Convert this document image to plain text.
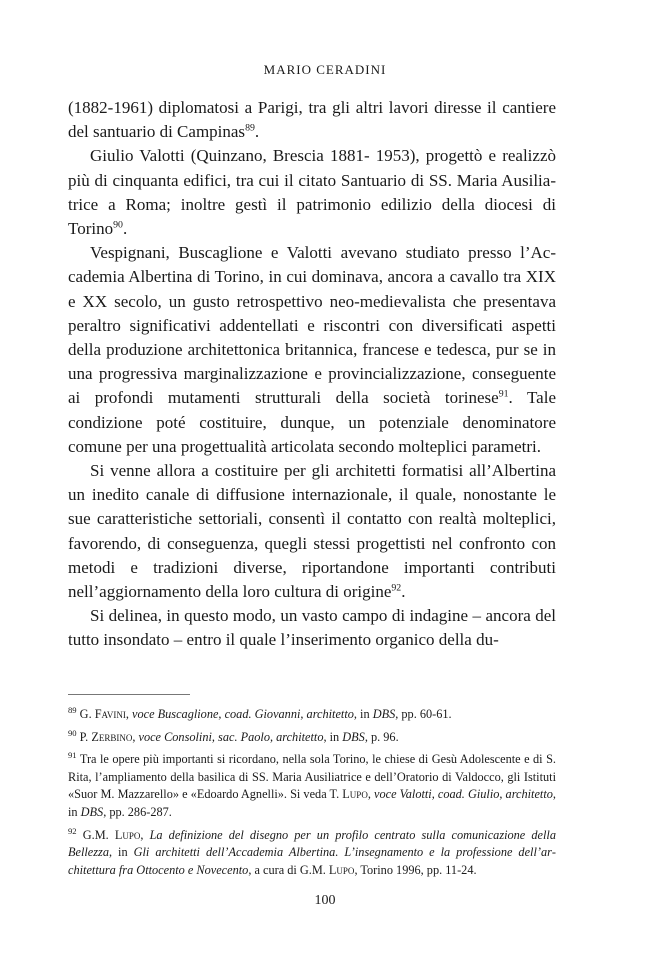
MARIO CERADINI

(1882-1961) diplomatosi a Parigi, tra gli altri lavori diresse il cantiere del santuario di Campinas$^{89}$.

Giulio Valotti (Quinzano, Brescia 1881- 1953), progettò e realizzò più di cinquanta edifici, tra cui il citato Santuario di SS. Maria Ausiliatrice a Roma; inoltre gestì il patrimonio edilizio della diocesi di Torino$^{90}$.

Vespignani, Buscaglione e Valotti avevano studiato presso l’Accademia Albertina di Torino, in cui dominava, ancora a cavallo tra XIX e XX secolo, un gusto retrospettivo neo-medievalista che presentava peraltro significativi addentellati e riscontri con diversificati aspetti della produzione architettonica britannica, francese e tedesca, pur se in una progressiva marginalizzazione e provincializzazione, conseguente ai profondi mutamenti strutturali della società torinese$^{91}$. Tale condizione poté costituire, dunque, un potenziale denominatore comune per una progettualità articolata secondo molteplici parametri.

Si venne allora a costituire per gli architetti formatisi all’Albertina un inedito canale di diffusione internazionale, il quale, nonostante le sue caratteristiche settoriali, consentì il contatto con realtà molteplici, favorendo, di conseguenza, quegli stessi progettisti nel confronto con metodi e tradizioni diverse, riportandone importanti contributi nell’aggiornamento della loro cultura di origine$^{92}$.

Si delinea, in questo modo, un vasto campo di indagine – ancora del tutto insondato – entro il quale l’inserimento organico della du-

$^{89}$ G. Favini, voce Buscaglione, coad. Giovanni, architetto, in DBS, pp. 60-61.
$^{90}$ P. Zerbino, voce Consolini, sac. Paolo, architetto, in DBS, p. 96.
$^{91}$ Tra le opere più importanti si ricordano, nella sola Torino, le chiese di Gesù Adolescente e di S. Rita, l’ampliamento della basilica di SS. Maria Ausiliatrice e dell’Oratorio di Valdocco, gli Istituti «Suor M. Mazzarello» e «Edoardo Agnelli». Si veda T. Lupo, voce Valotti, coad. Giulio, architetto, in DBS, pp. 286-287.
$^{92}$ G.M. Lupo, La definizione del disegno per un profilo centrato sulla comunicazione della Bellezza, in Gli architetti dell’Accademia Albertina. L’insegnamento e la professione dell’architettura fra Ottocento e Novecento, a cura di G.M. Lupo, Torino 1996, pp. 11-24.
100
